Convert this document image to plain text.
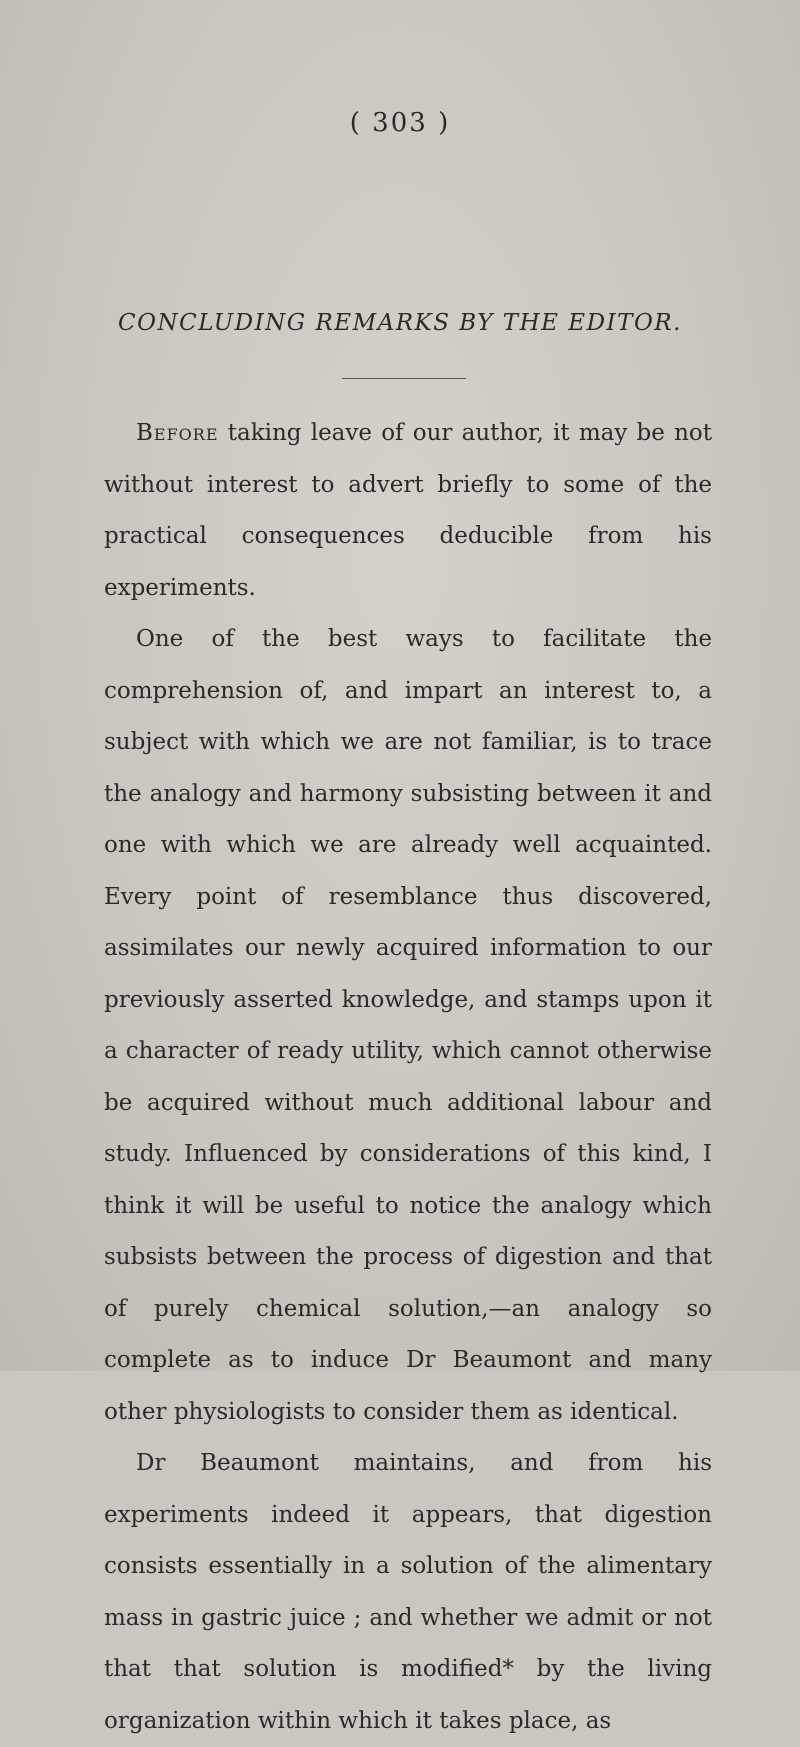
( 303 )
CONCLUDING REMARKS BY THE EDITOR.

Before taking leave of our author, it may be not without interest to advert briefly to some of the practical consequences deducible from his experiments.

One of the best ways to facilitate the comprehension of, and impart an interest to, a subject with which we are not familiar, is to trace the analogy and harmony subsisting between it and one with which we are already well acquainted. Every point of resemblance thus discovered, assimilates our newly acquired information to our previously asserted knowledge, and stamps upon it a character of ready utility, which cannot otherwise be acquired without much additional labour and study. Influenced by considerations of this kind, I think it will be useful to notice the analogy which subsists between the process of digestion and that of purely chemical solution,—an analogy so complete as to induce Dr Beaumont and many other physiologists to consider them as identical.

Dr Beaumont maintains, and from his experiments indeed it appears, that digestion consists essentially in a solution of the alimentary mass in gastric juice ; and whether we admit or not that that solution is modified* by the living organization within which it takes place, as
